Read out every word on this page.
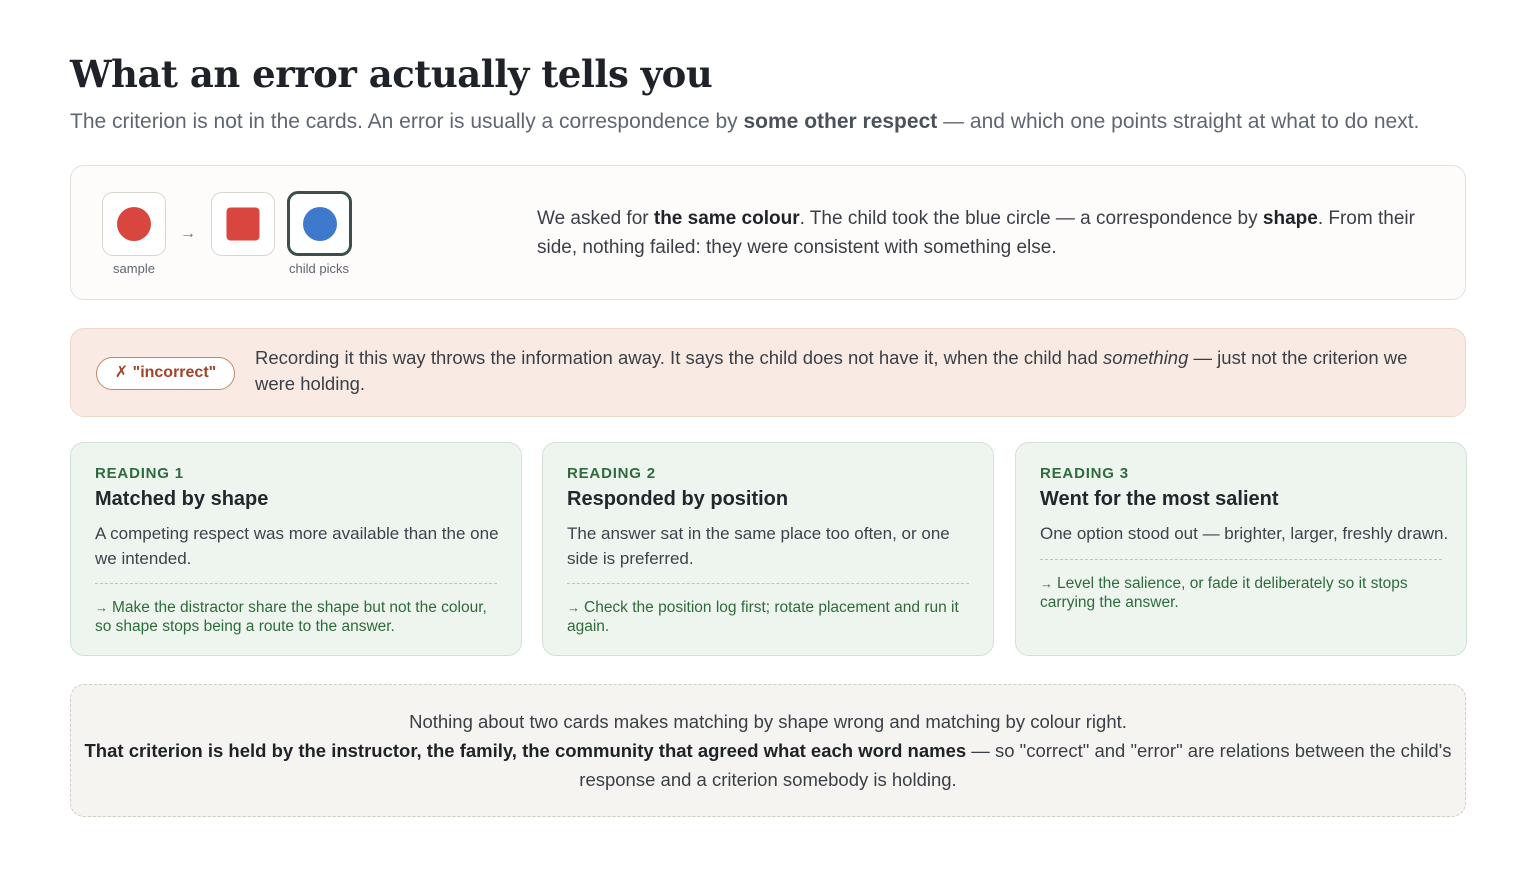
What an error actually tells you

The criterion is not in the cards. An error is usually a correspondence by some other respect — and which one points straight at what to do next.

sample
→
child picks

We asked for the same colour. The child took the blue circle — a correspondence by shape. From their side, nothing failed: they were consistent with something else.

✗ "incorrect"

Recording it this way throws the information away. It says the child does not have it, when the child had something — just not the criterion we were holding.

READING 1
Matched by shape

A competing respect was more available than the one we intended.

→ Make the distractor share the shape but not the colour, so shape stops being a route to the answer.

READING 2
Responded by position

The answer sat in the same place too often, or one side is preferred.

→ Check the position log first; rotate placement and run it again.

READING 3
Went for the most salient

One option stood out — brighter, larger, freshly drawn.

→ Level the salience, or fade it deliberately so it stops carrying the answer.

Nothing about two cards makes matching by shape wrong and matching by colour right.
That criterion is held by the instructor, the family, the community that agreed what each word names — so "correct" and "error" are relations between the child's response and a criterion somebody is holding.
